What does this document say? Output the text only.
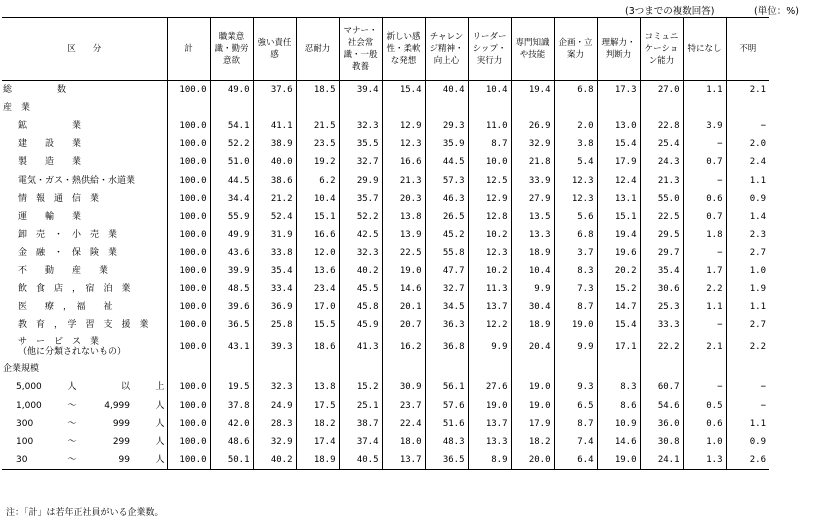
(3つまでの複数回答)	(単位：%)
区　　分	計	職業意識・勤労意欲	強い責任感	忍耐力	マナー・社会常識・一般教養	新しい感性・柔軟な発想	チャレンジ精神・向上心	リーダーシップ・実行力	専門知識や技能	企画・立案力	理解力・判断力	コミュニケーション能力	特になし	不明

総　　　　　数	100.0	49.0	37.6	18.5	39.4	15.4	40.4	10.4	19.4	6.8	17.3	27.0	1.1	2.1

産　業														

鉱　　　　　業	100.0	54.1	41.1	21.5	32.3	12.9	29.3	11.0	26.9	2.0	13.0	22.8	3.9	−

建　　設　　業	100.0	52.2	38.9	23.5	35.5	12.3	35.9	8.7	32.9	3.8	15.4	25.4	−	2.0

製　　造　　業	100.0	51.0	40.0	19.2	32.7	16.6	44.5	10.0	21.8	5.4	17.9	24.3	0.7	2.4

電気・ガス・熱供給・水道業	100.0	44.5	38.6	6.2	29.9	21.3	57.3	12.5	33.9	12.3	12.4	21.3	−	1.1

情　報　通　信　業	100.0	34.4	21.2	10.4	35.7	20.3	46.3	12.9	27.9	12.3	13.1	55.0	0.6	0.9

運　　輸　　業	100.0	55.9	52.4	15.1	52.2	13.8	26.5	12.8	13.5	5.6	15.1	22.5	0.7	1.4

卸　売　・　小　売　業	100.0	49.9	31.9	16.6	42.5	13.9	45.2	10.2	13.3	6.8	19.4	29.5	1.8	2.3

金　融　・　保　険　業	100.0	43.6	33.8	12.0	32.3	22.5	55.8	12.3	18.9	3.7	19.6	29.7	−	2.7

不　　動　　産　　業	100.0	39.9	35.4	13.6	40.2	19.0	47.7	10.2	10.4	8.3	20.2	35.4	1.7	1.0

飲　食　店　，　宿　泊　業	100.0	48.5	33.4	23.4	45.5	14.6	32.7	11.3	9.9	7.3	15.2	30.6	2.2	1.9

医　　療　，　福　　祉	100.0	39.6	36.9	17.0	45.8	20.1	34.5	13.7	30.4	8.7	14.7	25.3	1.1	1.1

教　育　，　学　習　支　援　業	100.0	36.5	25.8	15.5	45.9	20.7	36.3	12.2	18.9	19.0	15.4	33.3	−	2.7

サ　ー　ビ　ス　業
（他に分類されないもの）	100.0	43.1	39.3	18.6	41.3	16.2	36.8	9.9	20.4	9.9	17.1	22.2	2.1	2.2

企業規模														

5,000 人 以 上	100.0	19.5	32.3	13.8	15.2	30.9	56.1	27.6	19.0	9.3	8.3	60.7	−	−

1,000 〜 4,999 人	100.0	37.8	24.9	17.5	25.1	23.7	57.6	19.0	19.0	6.5	8.6	54.6	0.5	−

300 〜 999 人	100.0	42.0	28.3	18.2	38.7	22.4	51.6	13.7	17.9	8.7	10.9	36.0	0.6	1.1

100 〜 299 人	100.0	48.6	32.9	17.4	37.4	18.0	48.3	13.3	18.2	7.4	14.6	30.8	1.0	0.9

30 〜 99 人	100.0	50.1	40.2	18.9	40.5	13.7	36.5	8.9	20.0	6.4	19.0	24.1	1.3	2.6
注：「計」は若年正社員がいる企業数。
